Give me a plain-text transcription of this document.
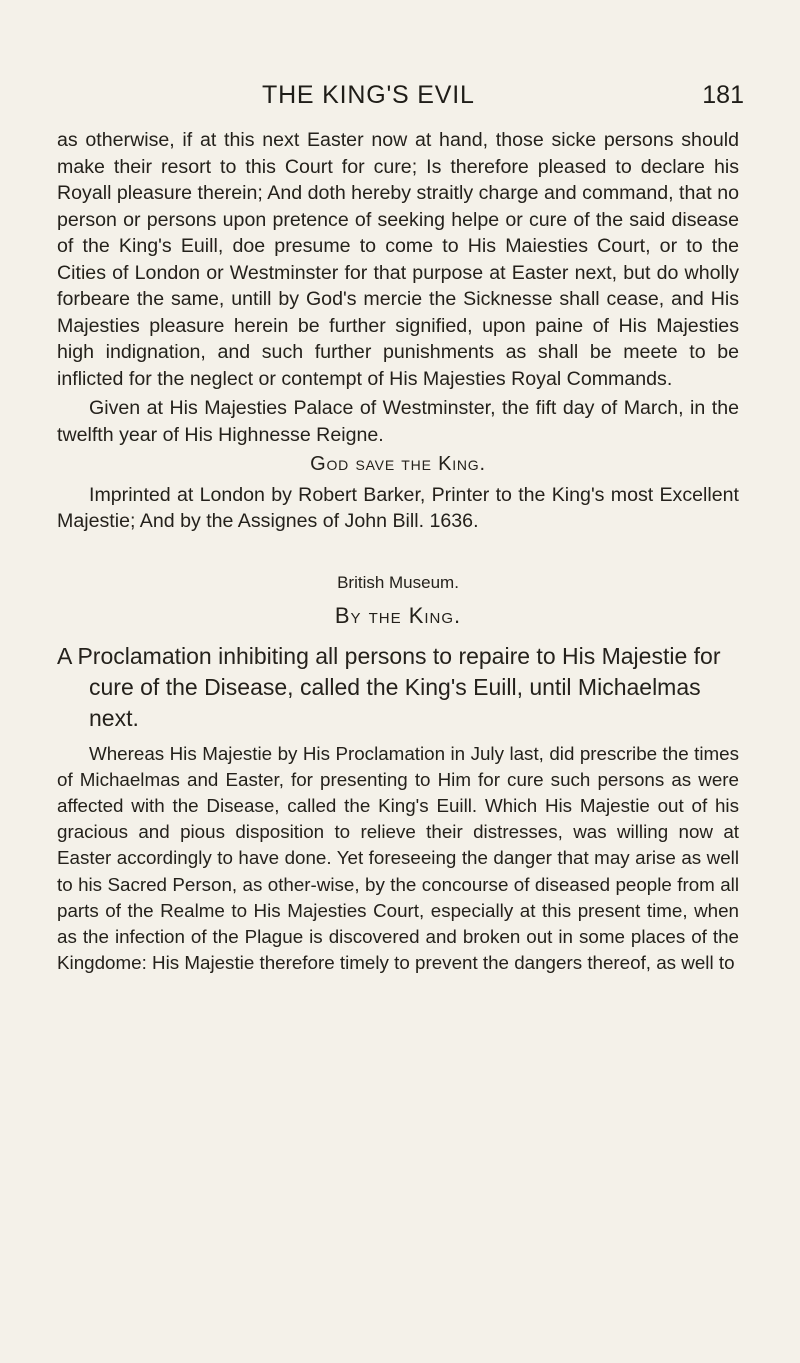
THE KING'S EVIL	181

as otherwise, if at this next Easter now at hand, those sicke persons should make their resort to this Court for cure; Is therefore pleased to declare his Royall pleasure therein; And doth hereby straitly charge and command, that no person or persons upon pretence of seeking helpe or cure of the said disease of the King's Euill, doe presume to come to His Maiesties Court, or to the Cities of London or Westminster for that purpose at Easter next, but do wholly forbeare the same, untill by God's mercie the Sicknesse shall cease, and His Majesties pleasure herein be further signified, upon paine of His Majesties high indignation, and such further punishments as shall be meete to be inflicted for the neglect or contempt of His Majesties Royal Commands.

Given at His Majesties Palace of Westminster, the fift day of March, in the twelfth year of His Highnesse Reigne.

God save the King.

Imprinted at London by Robert Barker, Printer to the King's most Excellent Majestie; And by the Assignes of John Bill. 1636.

British Museum.
By the King.

A Proclamation inhibiting all persons to repaire to His Majestie for cure of the Disease, called the King's Euill, until Michaelmas next.

Whereas His Majestie by His Proclamation in July last, did prescribe the times of Michaelmas and Easter, for presenting to Him for cure such persons as were affected with the Disease, called the King's Euill. Which His Majestie out of his gracious and pious disposition to relieve their distresses, was willing now at Easter accordingly to have done. Yet foreseeing the danger that may arise as well to his Sacred Person, as other-wise, by the concourse of diseased people from all parts of the Realme to His Majesties Court, especially at this present time, when as the infection of the Plague is discovered and broken out in some places of the Kingdome: His Majestie therefore timely to prevent the dangers thereof, as well to
